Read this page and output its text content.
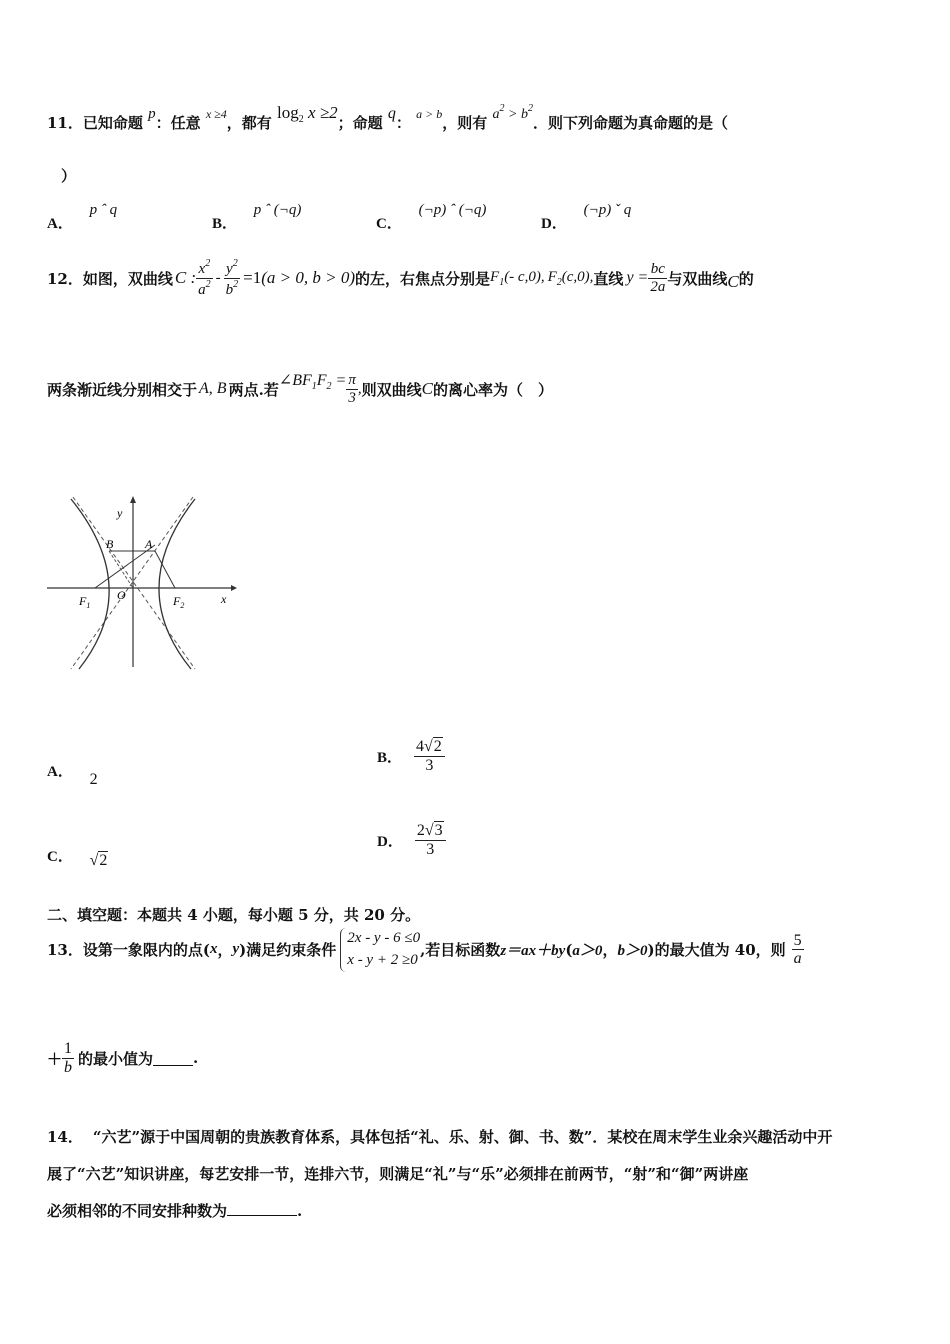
11．已知命题 p：任意 $^{x \ge 4}$，都有 $\log_2 x \ge 2$；命题 q： $^{a > b}$，则有 $a^2 > b^2$．则下列命题为真命题的是（
）
A． p ˆ q
B． p ˆ (¬q)
C． (¬p) ˆ (¬q)
D． (¬p) ˇ q
12． 如图，双曲线 C : $\frac{x^2}{a^2} - \frac{y^2}{b^2} =1$ (a > 0, b > 0) 的左，右焦点分别是 $F_1(-$ c,0), $F_2(c,0)$, 直线 $y = \frac{bc}{2a}$ 与双曲线 C 的
两条渐近线分别相交于 A, B 两点.若 $\angle BF_1F_2 = \frac{\pi}{3}$ , 则双曲线 C 的离心率为（　）
y
x
B	A
O
$F_1$	$F_2$
A． 2
B． $\frac{4√2}{3}$
C． √2
D． $\frac{2√3}{3}$
二、填空题：本题共 4 小题，每小题 5 分，共 20 分。
13． 设第一象限内的点( x ， y )满足约束条件
2x - y - 6 ≤0
x - y + 2 ≥0
,若目标函数 z＝ax＋by ( a＞0 ， b＞0 )的最大值为 40，则 $\frac{5}{a}$
＋ $\frac{1}{b}$ 的最小值为	.
14． “六艺”源于中国周朝的贵族教育体系，具体包括“礼、乐、射、御、书、数”．某校在周末学生业余兴趣活动中开
展了“六艺”知识讲座，每艺安排一节，连排六节，则满足“礼”与“乐”必须排在前两节，“射”和“御”两讲座
必须相邻的不同安排种数为	.
